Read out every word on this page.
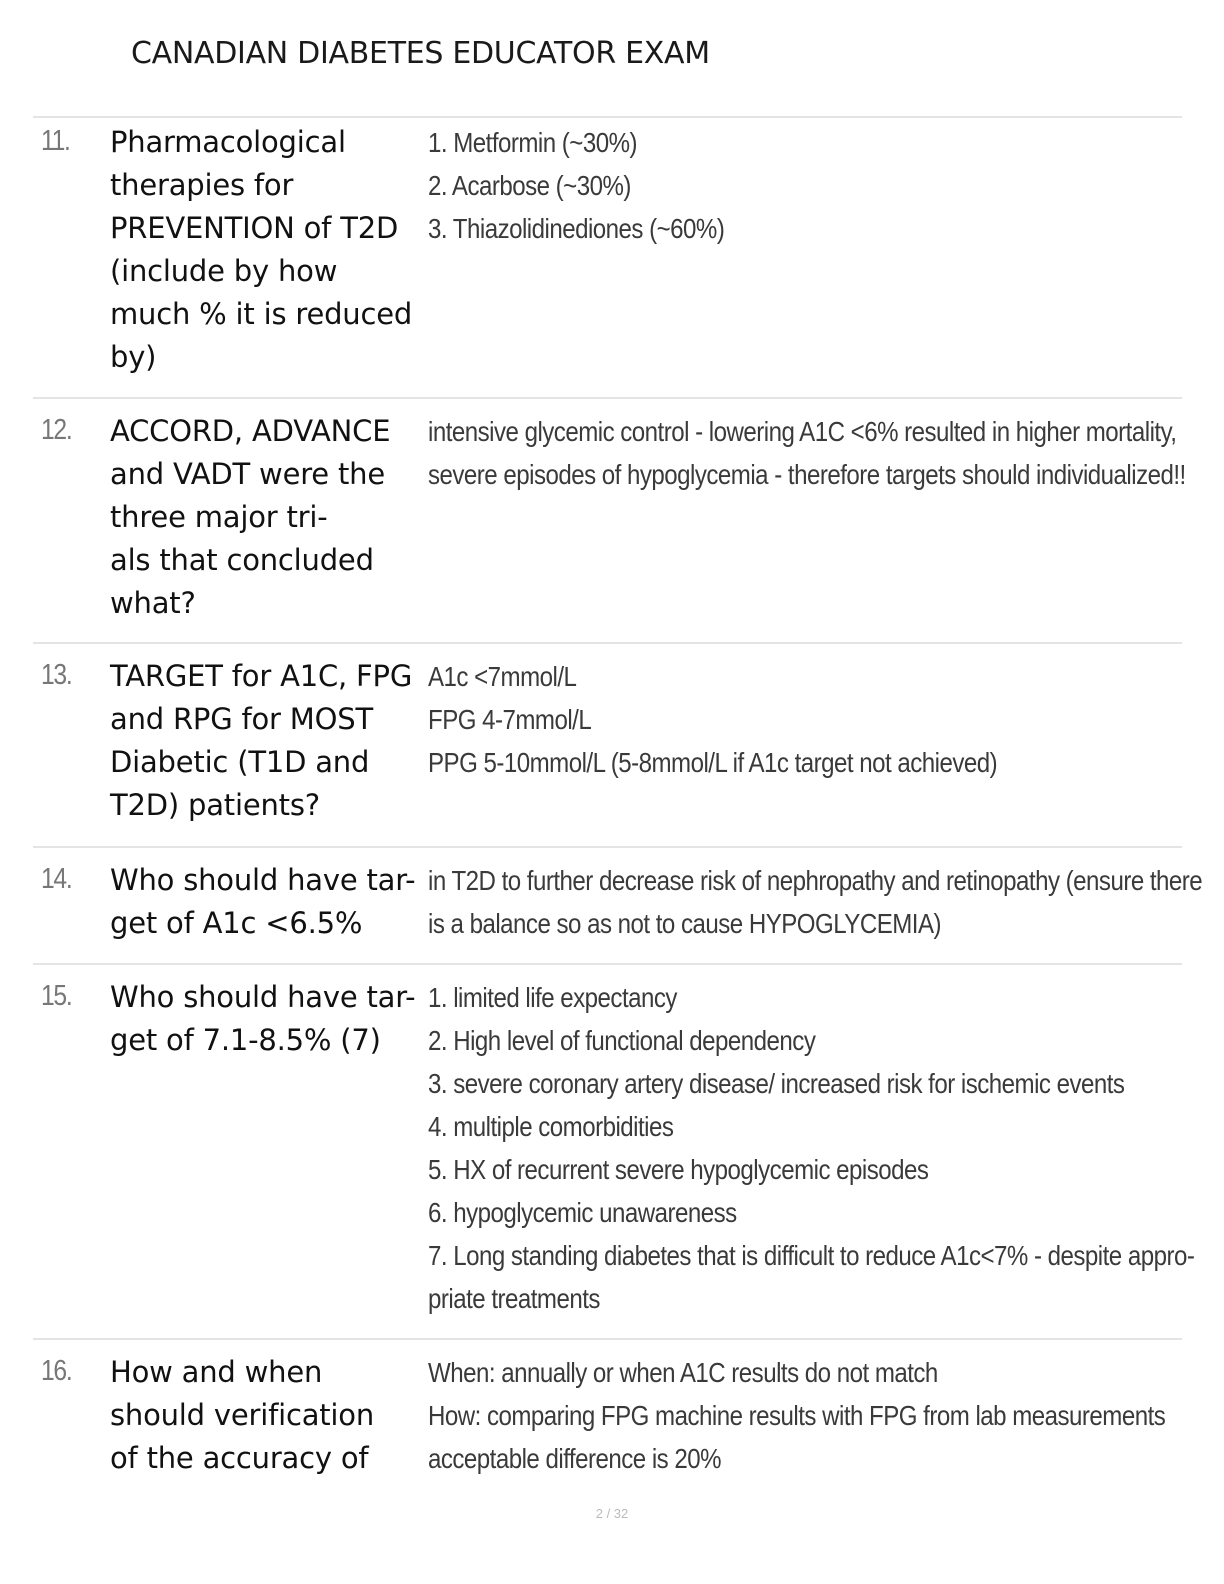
CANADIAN DIABETES EDUCATOR EXAM
11. Pharmacological
therapies for
PREVENTION of T2D
(include by how
much % it is reduced
by)
1. Metformin (~30%)
2. Acarbose (~30%)
3. Thiazolidinediones (~60%)
12. ACCORD, ADVANCE
and VADT were the
three major tri-
als that concluded
what?
intensive glycemic control - lowering A1C <6% resulted in higher mortality,
severe episodes of hypoglycemia - therefore targets should individualized!!
13. TARGET for A1C, FPG
and RPG for MOST
Diabetic (T1D and
T2D) patients?
A1c <7mmol/L
FPG 4-7mmol/L
PPG 5-10mmol/L (5-8mmol/L if A1c target not achieved)
14. Who should have tar-
get of A1c <6.5%
in T2D to further decrease risk of nephropathy and retinopathy (ensure there
is a balance so as not to cause HYPOGLYCEMIA)
15. Who should have tar-
get of 7.1-8.5% (7)
1. limited life expectancy
2. High level of functional dependency
3. severe coronary artery disease/ increased risk for ischemic events
4. multiple comorbidities
5. HX of recurrent severe hypoglycemic episodes
6. hypoglycemic unawareness
7. Long standing diabetes that is difficult to reduce A1c<7% - despite appro-
priate treatments
16. How and when
should verification
of the accuracy of
When: annually or when A1C results do not match
How: comparing FPG machine results with FPG from lab measurements
acceptable difference is 20%
2 / 32
